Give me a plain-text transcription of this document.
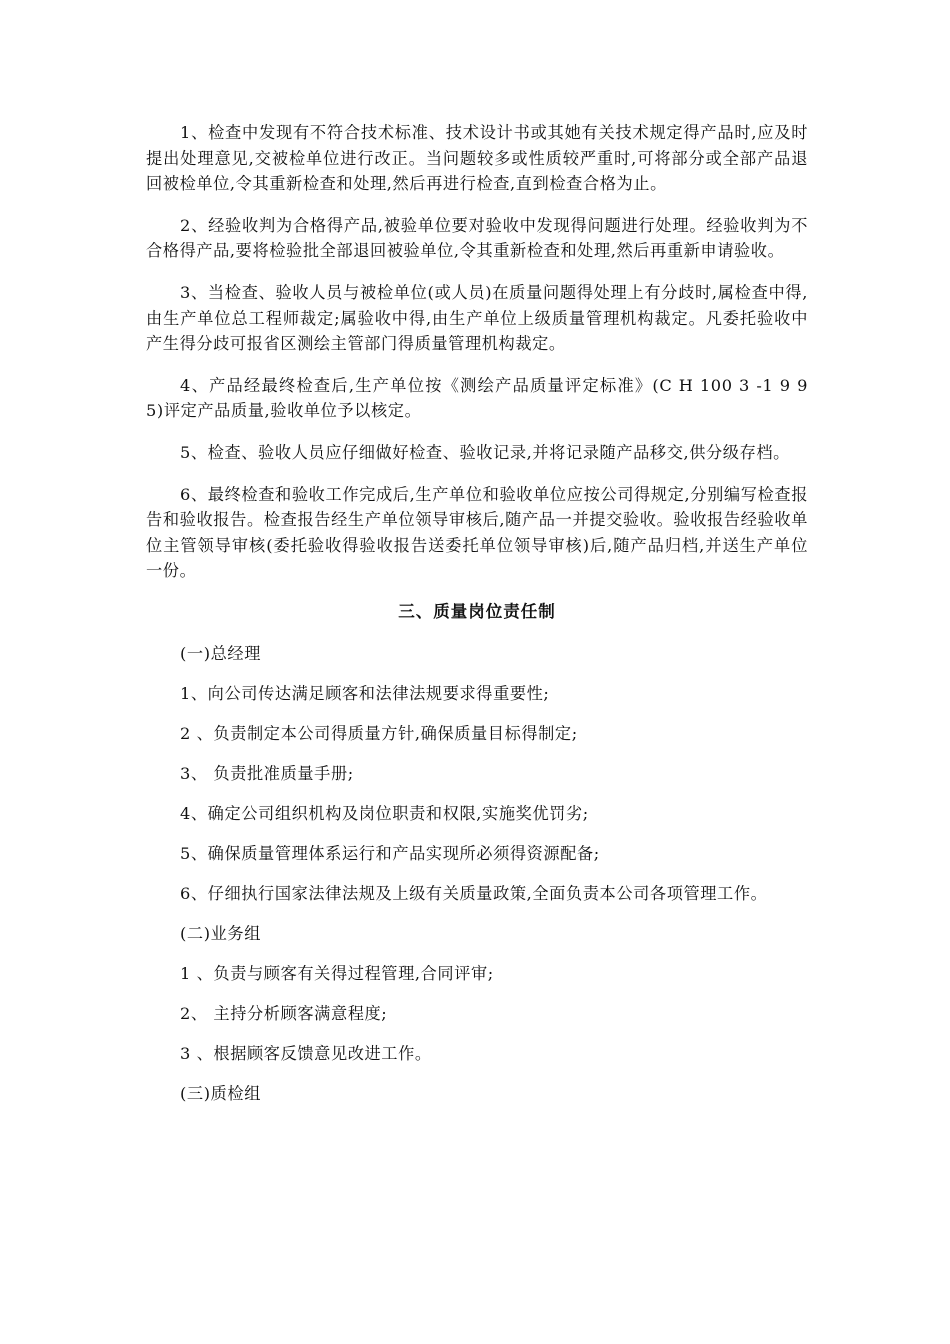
1、检查中发现有不符合技术标准、技术设计书或其她有关技术规定得产品时,应及时提出处理意见,交被检单位进行改正。当问题较多或性质较严重时,可将部分或全部产品退回被检单位,令其重新检查和处理,然后再进行检查,直到检查合格为止。

2、经验收判为合格得产品,被验单位要对验收中发现得问题进行处理。经验收判为不合格得产品,要将检验批全部退回被验单位,令其重新检查和处理,然后再重新申请验收。

3、当检查、验收人员与被检单位(或人员)在质量问题得处理上有分歧时,属检查中得,由生产单位总工程师裁定;属验收中得,由生产单位上级质量管理机构裁定。凡委托验收中产生得分歧可报省区测绘主管部门得质量管理机构裁定。

4、产品经最终检查后,生产单位按《测绘产品质量评定标准》(C H 100 3 -1 9 9 5)评定产品质量,验收单位予以核定。

5、检查、验收人员应仔细做好检查、验收记录,并将记录随产品移交,供分级存档。

6、最终检查和验收工作完成后,生产单位和验收单位应按公司得规定,分别编写检查报告和验收报告。检查报告经生产单位领导审核后,随产品一并提交验收。验收报告经验收单位主管领导审核(委托验收得验收报告送委托单位领导审核)后,随产品归档,并送生产单位一份。

三、质量岗位责任制

(一)总经理

1、向公司传达满足顾客和法律法规要求得重要性;

2 、负责制定本公司得质量方针,确保质量目标得制定;

3、 负责批准质量手册;

4、确定公司组织机构及岗位职责和权限,实施奖优罚劣;

5、确保质量管理体系运行和产品实现所必须得资源配备;

6、仔细执行国家法律法规及上级有关质量政策,全面负责本公司各项管理工作。

(二)业务组

1 、负责与顾客有关得过程管理,合同评审;

2、 主持分析顾客满意程度;

3 、根据顾客反馈意见改进工作。

(三)质检组
